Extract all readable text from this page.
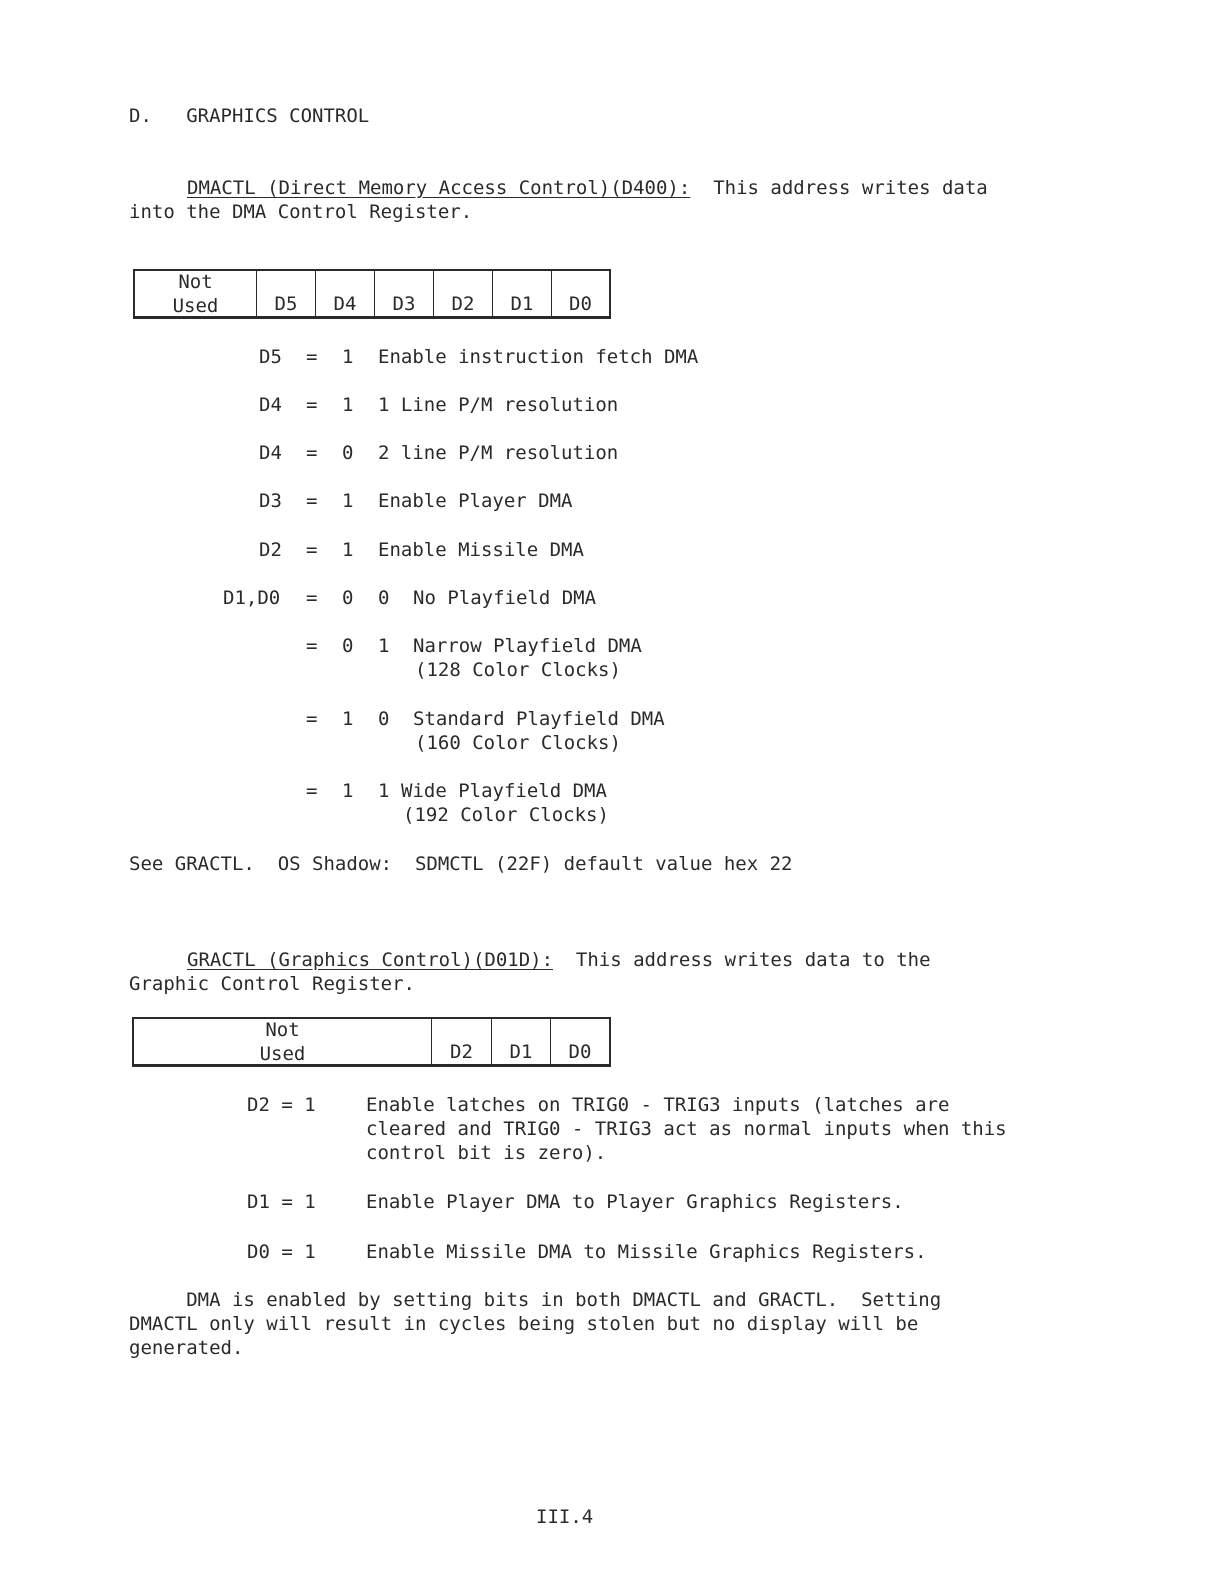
D.   GRAPHICS CONTROL
DMACTL (Direct Memory Access Control)(D400):  This address writes data
into the DMA Control Register.
Not
Used	D5 D4 D3 D2 D1 D0
D5 = 1 Enable instruction fetch DMA
D4 = 1 1 Line P/M resolution
D4 = 0 2 line P/M resolution
D3 = 1 Enable Player DMA
D2 = 1 Enable Missile DMA
D1,D0 = 0 0 No Playfield DMA
= 0 1 Narrow Playfield DMA
(128 Color Clocks)
= 1 0 Standard Playfield DMA
(160 Color Clocks)
= 1 1 Wide Playfield DMA
(192 Color Clocks)
See GRACTL.  OS Shadow:  SDMCTL (22F) default value hex 22
GRACTL (Graphics Control)(D01D):  This address writes data to the
Graphic Control Register.
Not
Used	D2 D1 D0
D2 = 1	Enable latches on TRIG0 - TRIG3 inputs (latches are
cleared and TRIG0 - TRIG3 act as normal inputs when this
control bit is zero).
D1 = 1	Enable Player DMA to Player Graphics Registers.
D0 = 1	Enable Missile DMA to Missile Graphics Registers.
DMA is enabled by setting bits in both DMACTL and GRACTL.  Setting
DMACTL only will result in cycles being stolen but no display will be
generated.
III.4
